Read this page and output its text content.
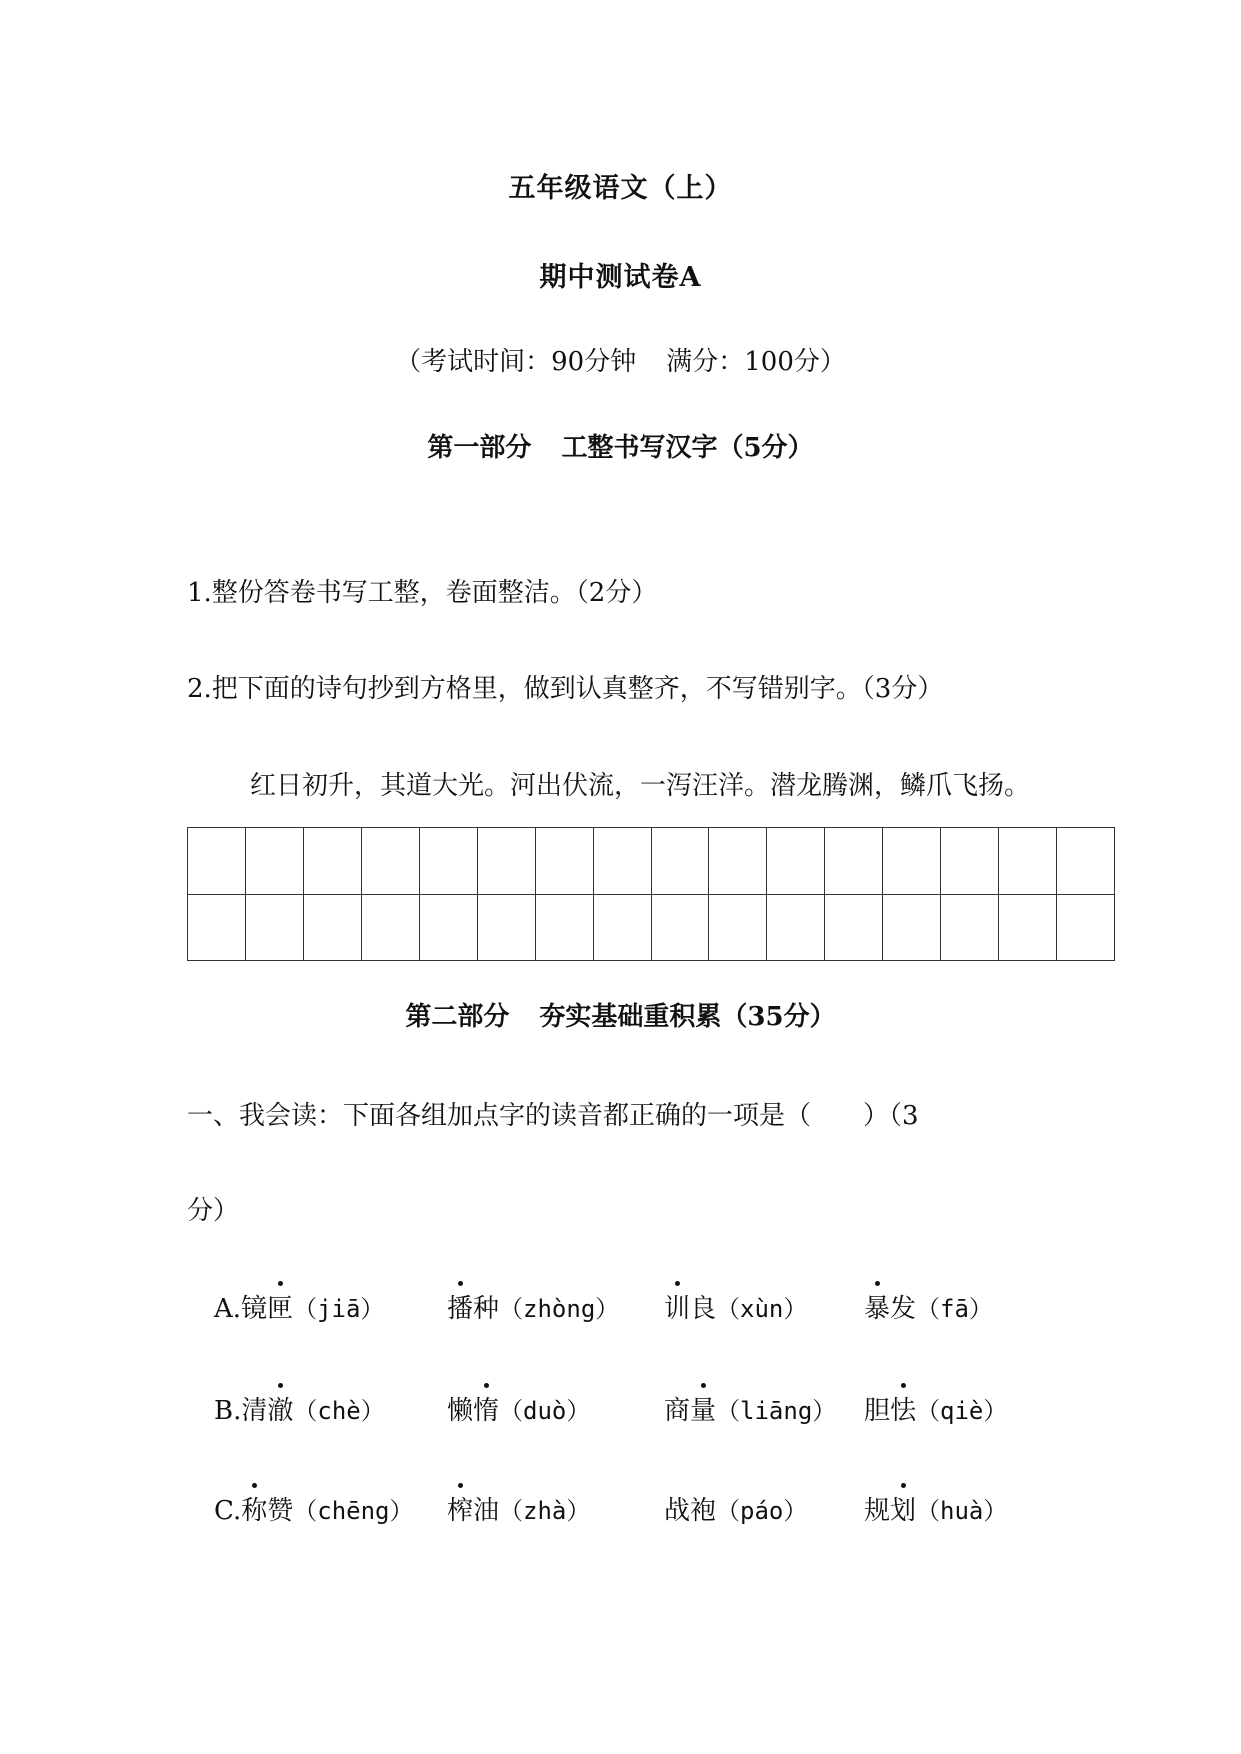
五年级语文（上）
期中测试卷A
（考试时间：90分钟 满分：100分）
第一部分 工整书写汉字（5分）
1.整份答卷书写工整，卷面整洁。（2分）
2.把下面的诗句抄到方格里，做到认真整齐，不写错别字。（3分）
红日初升，其道大光。河出伏流，一泻汪洋。潜龙腾渊，鳞爪飞扬。
第二部分 夯实基础重积累（35分）
一、我会读：下面各组加点字的读音都正确的一项是（　　）（3
分）
A.镜匣（jiā） 播种（zhòng） 训良（xùn） 暴发（fā）
B.清澈（chè） 懒惰（duò）	商量（liāng） 胆怯（qiè）
C.称赞（chēng） 榨油（zhà）	战袍（páo） 规划（huà）
